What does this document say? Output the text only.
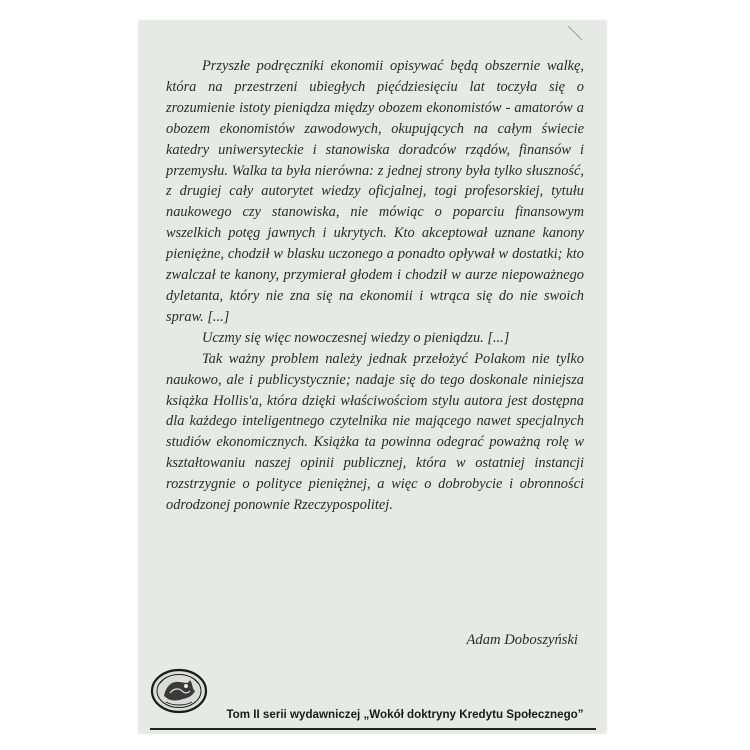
Przyszłe podręczniki ekonomii opisywać będą obszernie walkę, która na przestrzeni ubiegłych pięćdziesięciu lat toczyła się o zrozumienie istoty pieniądza między obozem ekonomistów - amatorów a obozem ekonomistów zawodowych, okupujących na całym świecie katedry uniwersyteckie i stanowiska doradców rządów, finansów i przemysłu. Walka ta była nierówna: z jednej strony była tylko słuszność, z drugiej cały autorytet wiedzy oficjalnej, togi profesorskiej, tytułu naukowego czy stanowiska, nie mówiąc o poparciu finansowym wszelkich potęg jawnych i ukrytych. Kto akceptował uznane kanony pieniężne, chodził w blasku uczonego a ponadto opływał w dostatki; kto zwalczał te kanony, przymierał głodem i chodził w aurze niepoważnego dyletanta, który nie zna się na ekonomii i wtrąca się do nie swoich spraw. [...]

Uczmy się więc nowoczesnej wiedzy o pieniądzu. [...]

Tak ważny problem należy jednak przełożyć Polakom nie tylko naukowo, ale i publicystycznie; nadaje się do tego doskonale niniejsza książka Hollis'a, która dzięki właściwościom stylu autora jest dostępna dla każdego inteligentnego czytelnika nie mającego nawet specjalnych studiów ekonomicznych. Książka ta powinna odegrać poważną rolę w kształtowaniu naszej opinii publicznej, która w ostatniej instancji rozstrzygnie o polityce pieniężnej, a więc o dobrobycie i obronności odrodzonej ponownie Rzeczypospolitej.

Adam Doboszyński
Tom II serii wydawniczej „Wokół doktryny Kredytu Społecznego”
